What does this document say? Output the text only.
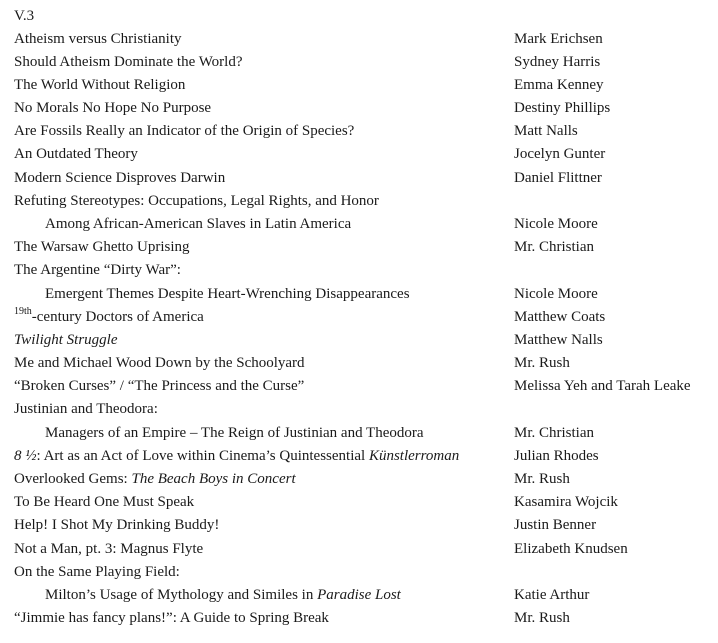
V.3
Atheism versus Christianity	Mark Erichsen
Should Atheism Dominate the World?	Sydney Harris
The World Without Religion	Emma Kenney
No Morals No Hope No Purpose	Destiny Phillips
Are Fossils Really an Indicator of the Origin of Species?	Matt Nalls
An Outdated Theory	Jocelyn Gunter
Modern Science Disproves Darwin	Daniel Flittner
Refuting Stereotypes: Occupations, Legal Rights, and Honor
Among African-American Slaves in Latin America	Nicole Moore
The Warsaw Ghetto Uprising	Mr. Christian
The Argentine “Dirty War”:
Emergent Themes Despite Heart-Wrenching Disappearances	Nicole Moore
$^{19th}$-century Doctors of America	Matthew Coats
Twilight Struggle	Matthew Nalls
Me and Michael Wood Down by the Schoolyard	Mr. Rush
“Broken Curses” / “The Princess and the Curse”	Melissa Yeh and Tarah Leake
Justinian and Theodora:
Managers of an Empire – The Reign of Justinian and Theodora	Mr. Christian
8 ½: Art as an Act of Love within Cinema’s Quintessential Künstlerroman	Julian Rhodes
Overlooked Gems: The Beach Boys in Concert	Mr. Rush
To Be Heard One Must Speak	Kasamira Wojcik
Help! I Shot My Drinking Buddy!	Justin Benner
Not a Man, pt. 3: Magnus Flyte	Elizabeth Knudsen
On the Same Playing Field:
Milton’s Usage of Mythology and Similes in Paradise Lost	Katie Arthur
“Jimmie has fancy plans!”: A Guide to Spring Break	Mr. Rush
